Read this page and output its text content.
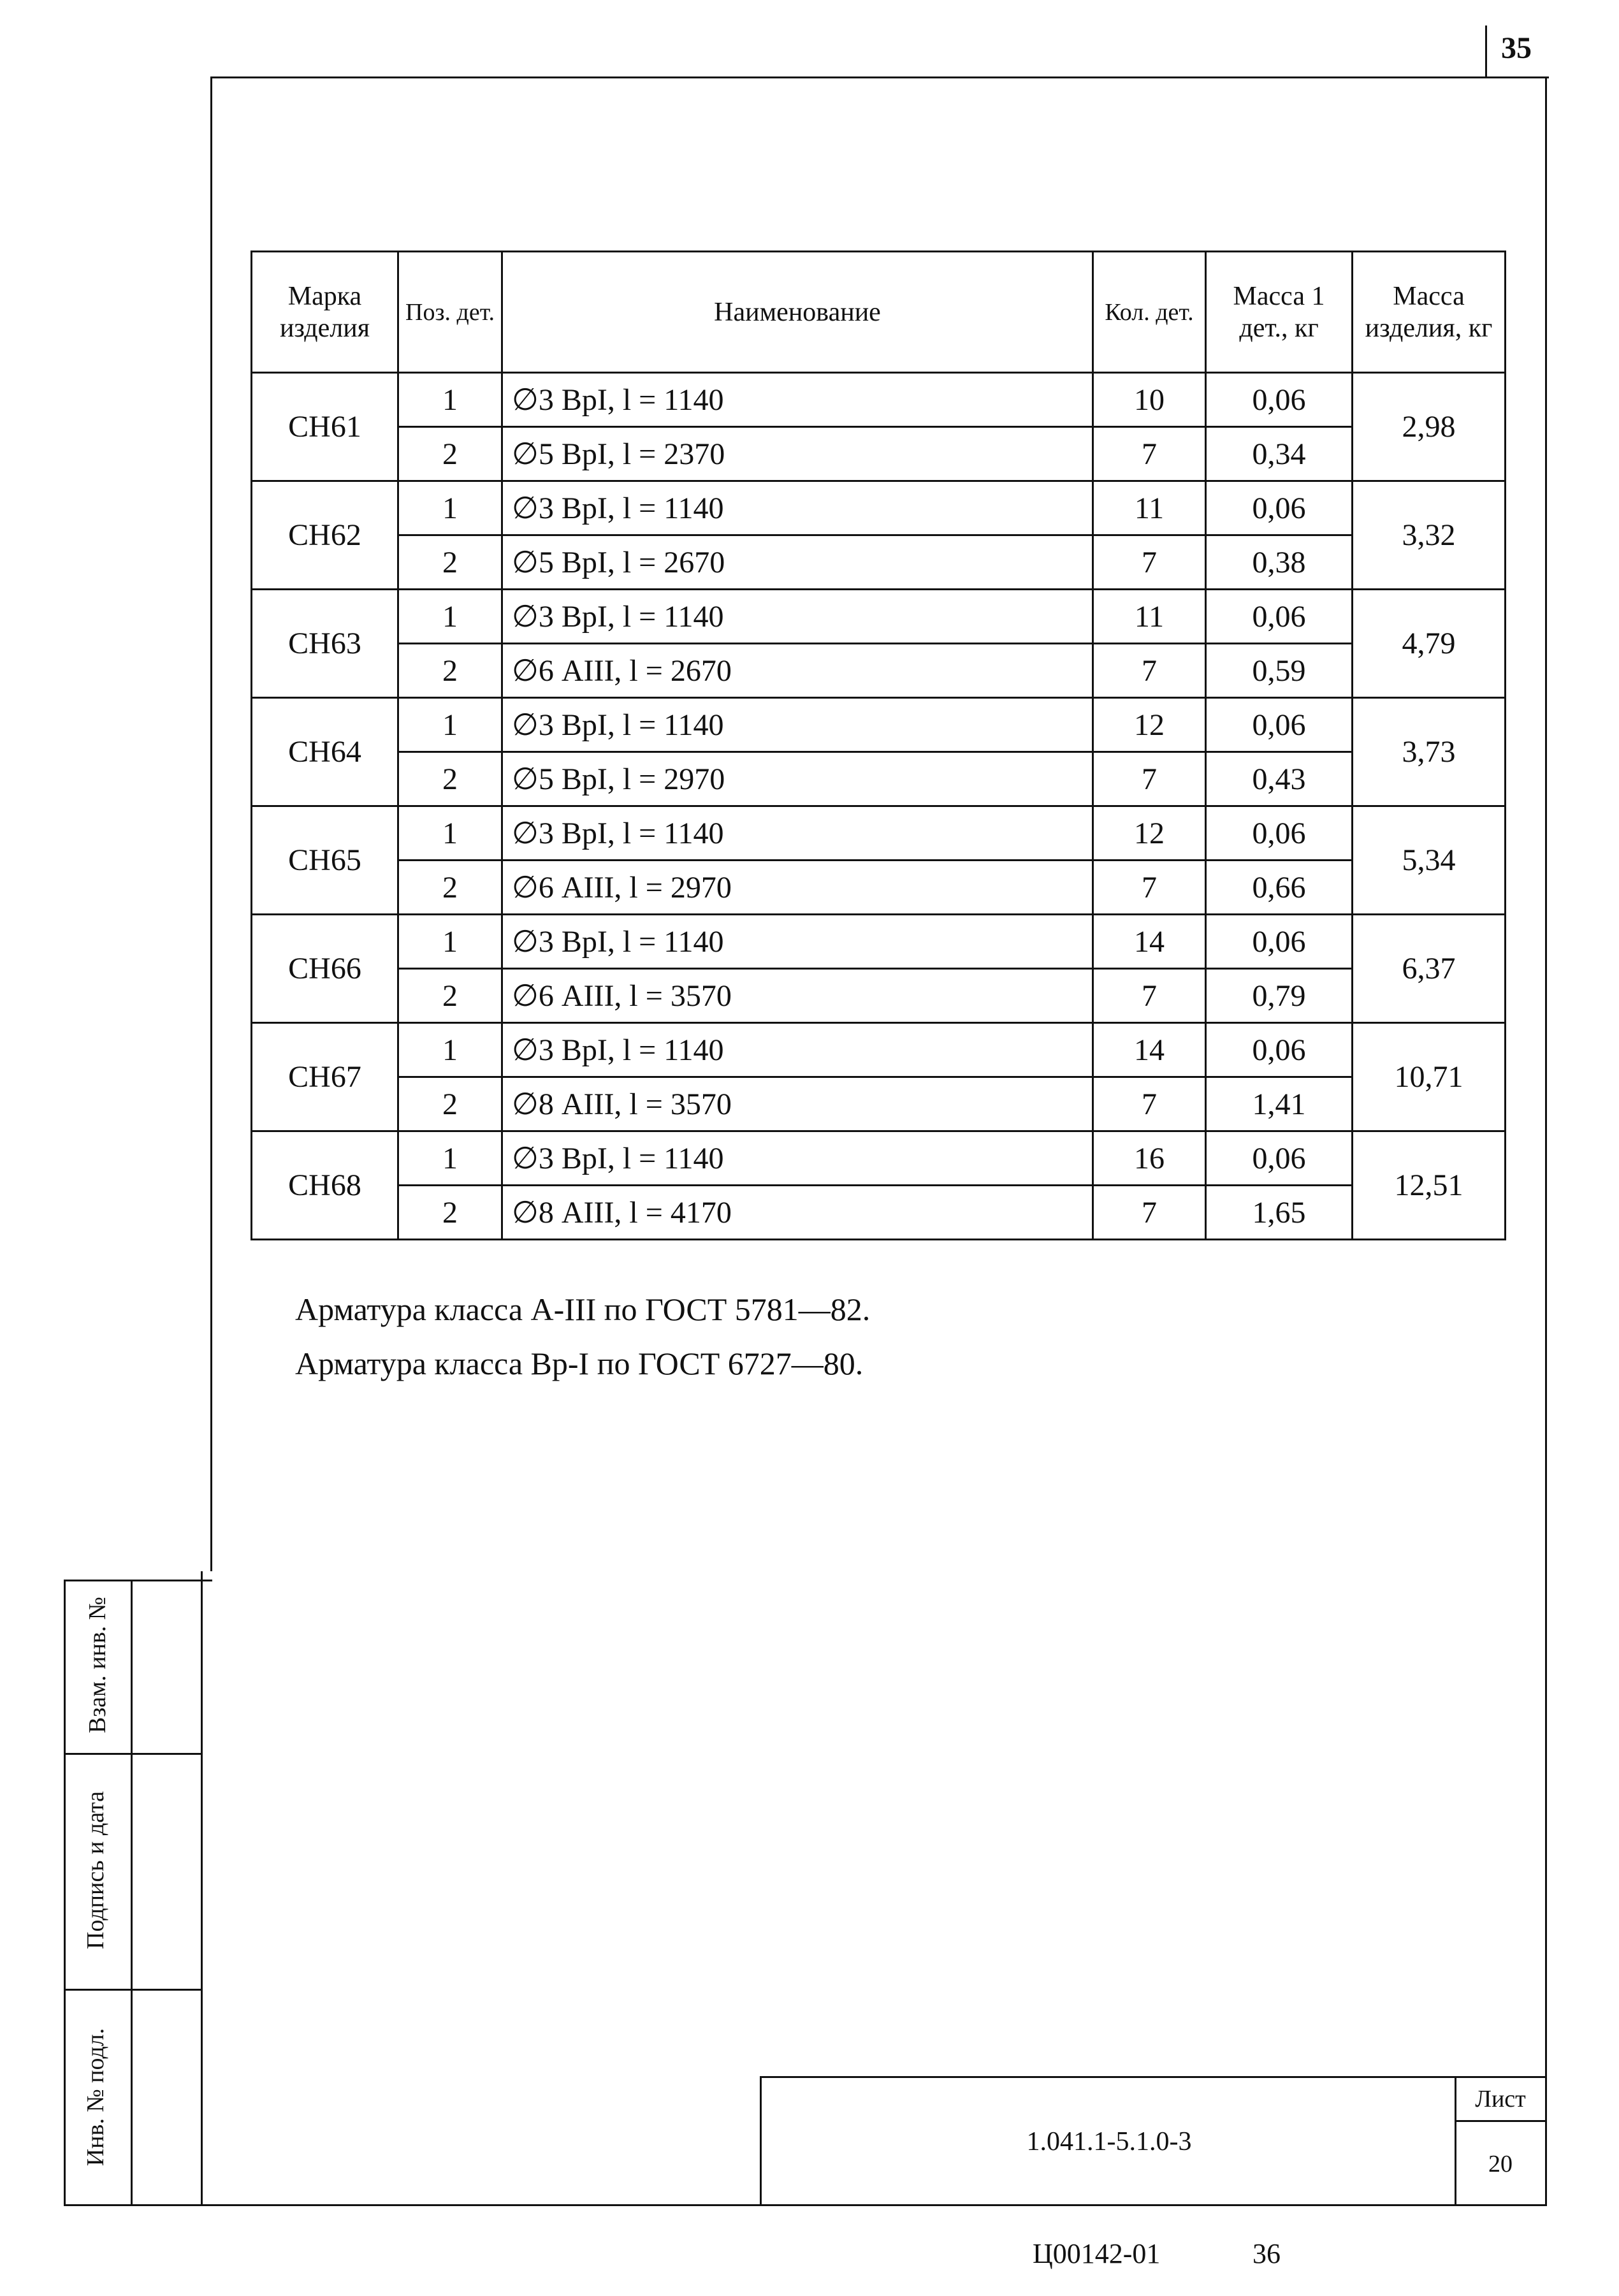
35
Марка изделия	Поз. дет.	Наименование	Кол. дет.	Масса 1 дет., кг	Масса изделия, кг
СН61	1	∅3 ВрI, l = 1140	10	0,06	2,98
	2	∅5 ВрI, l = 2370	7	0,34	
СН62	1	∅3 ВрI, l = 1140	11	0,06	3,32
	2	∅5 ВрI, l = 2670	7	0,38	
СН63	1	∅3 ВрI, l = 1140	11	0,06	4,79
	2	∅6 АIII, l = 2670	7	0,59	
СН64	1	∅3 ВрI, l = 1140	12	0,06	3,73
	2	∅5 ВрI, l = 2970	7	0,43	
СН65	1	∅3 ВрI, l = 1140	12	0,06	5,34
	2	∅6 АIII, l = 2970	7	0,66	
СН66	1	∅3 ВрI, l = 1140	14	0,06	6,37
	2	∅6 АIII, l = 3570	7	0,79	
СН67	1	∅3 ВрI, l = 1140	14	0,06	10,71
	2	∅8 АIII, l = 3570	7	1,41	
СН68	1	∅3 ВрI, l = 1140	16	0,06	12,51
	2	∅8 АIII, l = 4170	7	1,65	
Арматура класса А-III по ГОСТ 5781—82.
Арматура класса Вр-I по ГОСТ 6727—80.
Взам. инв. №
Подпись и дата
Инв. № подл.	1.041.1-5.1.0-3
Лист
20
Ц00142-01	36
